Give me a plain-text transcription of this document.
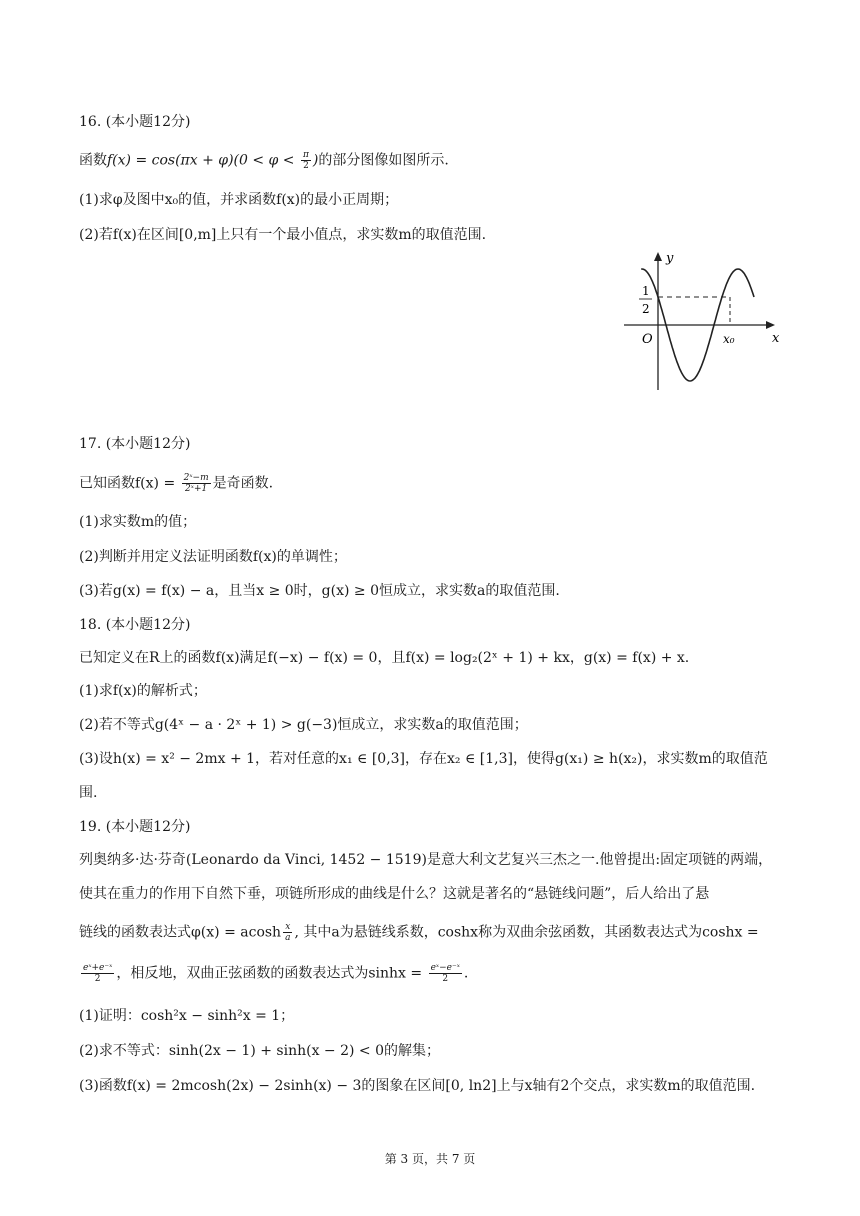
16. (本小题12分)
函数$f(x) = \cos(\pi x + \varphi)(0 < \varphi < \frac{\pi}{2}$ )的部分图像如图所示.
(1)求φ及图中x₀的值，并求函数f(x)的最小正周期；
(2)若f(x)在区间[0,m]上只有一个最小值点，求实数m的取值范围.
y
x
O	x₀
1
2
17. (本小题12分)
已知函数$f(x) = \frac{\text{2ˣ−m}}{\text{2ˣ+1}}$ 是奇函数.
(1)求实数m的值；
(2)判断并用定义法证明函数f(x)的单调性；
(3)若g(x) = f(x) − a，且当x ≥ 0时，g(x) ≥ 0恒成立，求实数a的取值范围.
18. (本小题12分)
已知定义在R上的函数f(x)满足f(−x) − f(x) = 0，且f(x) = log₂(2ˣ + 1) + kx，g(x) = f(x) + x.
(1)求f(x)的解析式；
(2)若不等式g(4ˣ − a · 2ˣ + 1) > g(−3)恒成立，求实数a的取值范围；
(3)设h(x) = x² − 2mx + 1，若对任意的x₁ ∈ [0,3]，存在x₂ ∈ [1,3]，使得g(x₁) ≥ h(x₂)，求实数m的取值范
围.
19. (本小题12分)
列奥纳多·达·芬奇(Leonardo da Vinci, 1452 − 1519)是意大利文艺复兴三杰之一.他曾提出:固定项链的两端，
使其在重力的作用下自然下垂，项链所形成的曲线是什么？这就是著名的“悬链线问题”，后人给出了悬
链线的函数表达式φ(x) = acosh $\frac{x}{a}$ , 其中a为悬链线系数，coshx称为双曲余弦函数，其函数表达式为coshx =
$\frac{\text{eˣ+e⁻ˣ}}{2}$ ，相反地，双曲正弦函数的函数表达式为$\sinh x = \frac{\text{eˣ−e⁻ˣ}}{2}$ .
(1)证明：cosh²x − sinh²x = 1；
(2)求不等式：sinh(2x − 1) + sinh(x − 2) < 0的解集；
(3)函数f(x) = 2mcosh(2x) − 2sinh(x) − 3的图象在区间[0, ln2]上与x轴有2个交点，求实数m的取值范围.
第 3 页，共 7 页
